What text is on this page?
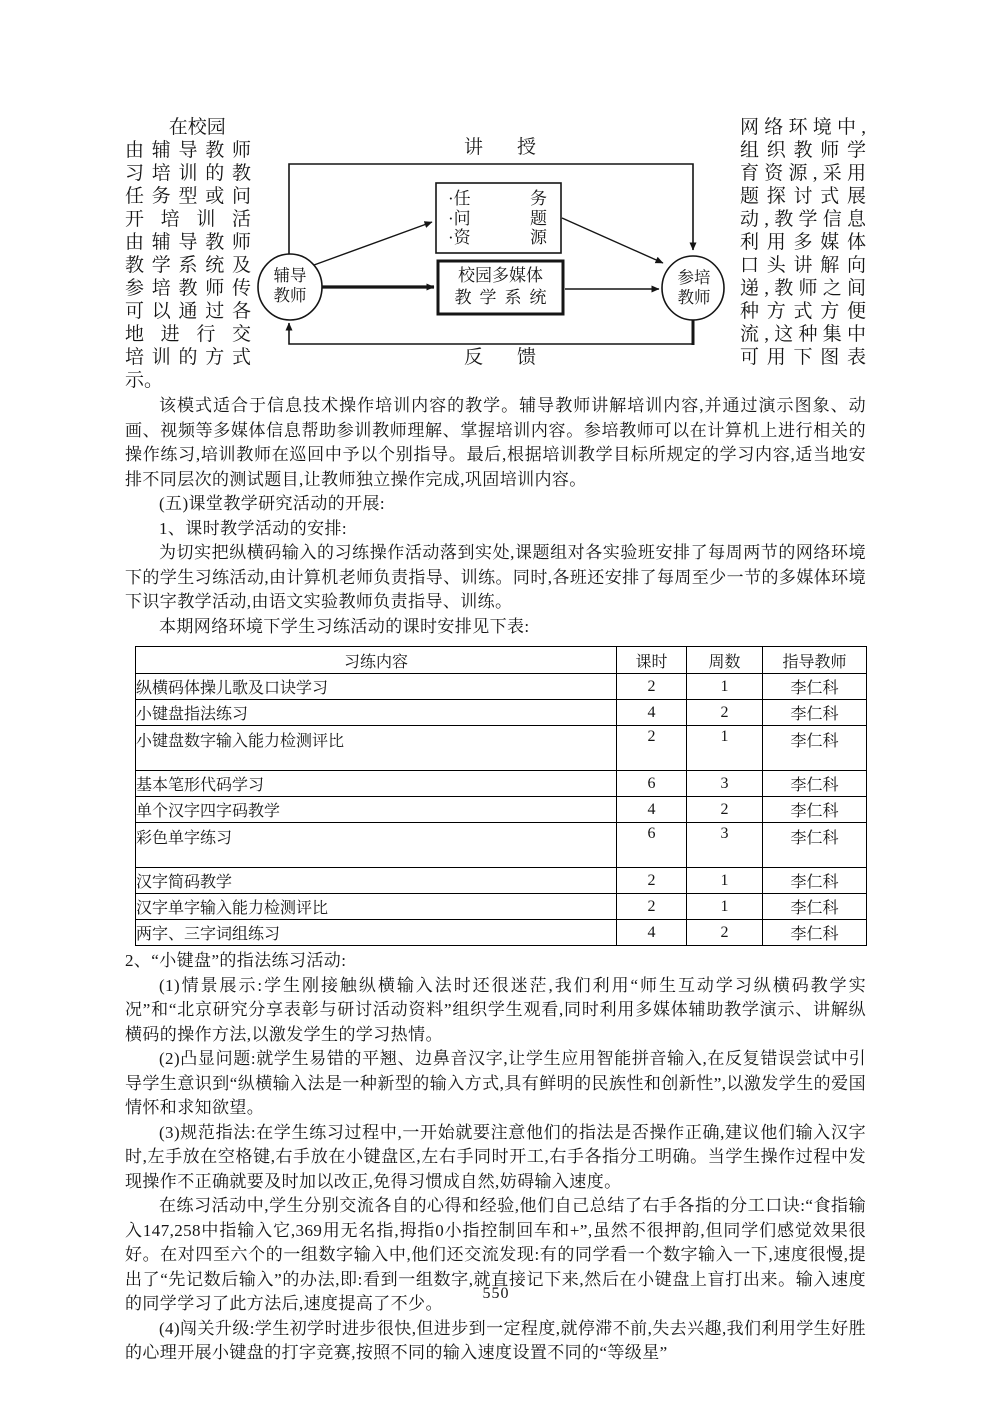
在校园
由辅导教师
习培训的教
任务型或问
开培训活
由辅导教师
教学系统及
参培教师传
可以通过各
地进行交
培训的方式
示。
讲授
反馈
辅导
教师
参培
教师
·任	务
·问	题
·资	源
校园多媒体
教学系统
网络环境中,
组织教师学
育资源,采用
题探讨式展
动,教学信息
利用多媒体
口头讲解向
递,教师之间
种方式方便
流,这种集中
可用下图表

该模式适合于信息技术操作培训内容的教学。辅导教师讲解培训内容,并通过演示图象、动画、视频等多媒体信息帮助参训教师理解、掌握培训内容。参培教师可以在计算机上进行相关的操作练习,培训教师在巡回中予以个别指导。最后,根据培训教学目标所规定的学习内容,适当地安排不同层次的测试题目,让教师独立操作完成,巩固培训内容。

(五)课堂教学研究活动的开展:

1、课时教学活动的安排:

为切实把纵横码输入的习练操作活动落到实处,课题组对各实验班安排了每周两节的网络环境下的学生习练活动,由计算机老师负责指导、训练。同时,各班还安排了每周至少一节的多媒体环境下识字教学活动,由语文实验教师负责指导、训练。

本期网络环境下学生习练活动的课时安排见下表:

习练内容	课时	周数	指导教师
纵横码体操儿歌及口诀学习	2	1	李仁科
小键盘指法练习	4	2	李仁科
小键盘数字输入能力检测评比	2	1	李仁科
基本笔形代码学习	6	3	李仁科
单个汉字四字码教学	4	2	李仁科
彩色单字练习	6	3	李仁科
汉字简码教学	2	1	李仁科
汉字单字输入能力检测评比	2	1	李仁科
两字、三字词组练习	4	2	李仁科

2、“小键盘”的指法练习活动:

(1)情景展示:学生刚接触纵横输入法时还很迷茫,我们利用“师生互动学习纵横码教学实况”和“北京研究分享表彰与研讨活动资料”组织学生观看,同时利用多媒体辅助教学演示、讲解纵横码的操作方法,以激发学生的学习热情。

(2)凸显问题:就学生易错的平翘、边鼻音汉字,让学生应用智能拼音输入,在反复错误尝试中引导学生意识到“纵横输入法是一种新型的输入方式,具有鲜明的民族性和创新性”,以激发学生的爱国情怀和求知欲望。

(3)规范指法:在学生练习过程中,一开始就要注意他们的指法是否操作正确,建议他们输入汉字时,左手放在空格键,右手放在小键盘区,左右手同时开工,右手各指分工明确。当学生操作过程中发现操作不正确就要及时加以改正,免得习惯成自然,妨碍输入速度。

在练习活动中,学生分别交流各自的心得和经验,他们自己总结了右手各指的分工口诀:“食指输入147,258中指输入它,369用无名指,拇指0小指控制回车和+”,虽然不很押韵,但同学们感觉效果很好。在对四至六个的一组数字输入中,他们还交流发现:有的同学看一个数字输入一下,速度很慢,提出了“先记数后输入”的办法,即:看到一组数字,就直接记下来,然后在小键盘上盲打出来。输入速度的同学学习了此方法后,速度提高了不少。

(4)闯关升级:学生初学时进步很快,但进步到一定程度,就停滞不前,失去兴趣,我们利用学生好胜的心理开展小键盘的打字竞赛,按照不同的输入速度设置不同的“等级星”

550
